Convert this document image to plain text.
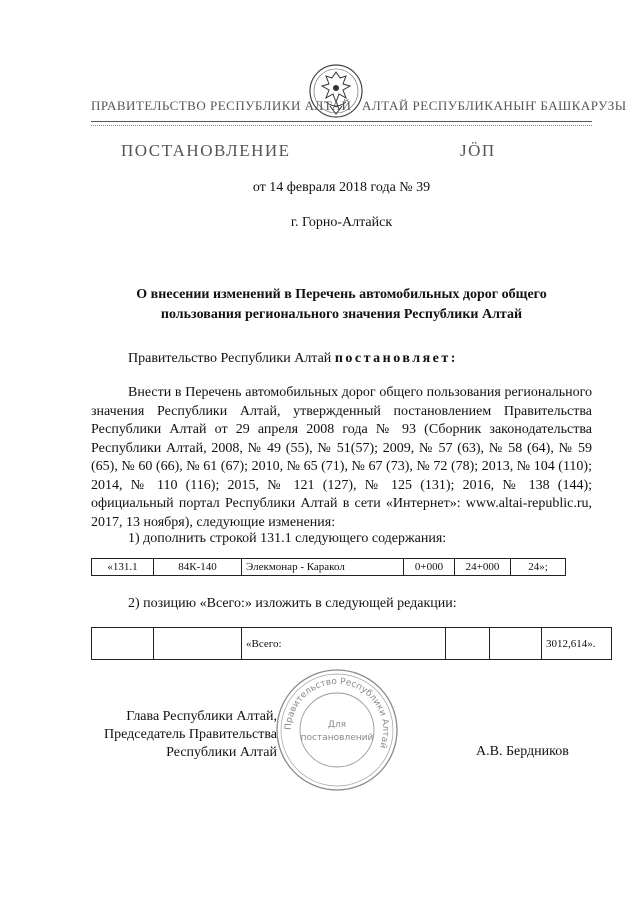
ПРАВИТЕЛЬСТВО РЕСПУБЛИКИ АЛТАЙ АЛТАЙ РЕСПУБЛИКАНЫҤ БАШКАРУЗЫ
ПОСТАНОВЛЕНИЕ	ЈӦП
от 14 февраля 2018 года № 39
г. Горно-Алтайск
О внесении изменений в Перечень автомобильных дорог общего
пользования регионального значения Республики Алтай
Правительство Республики Алтай постановляет:

Внести в Перечень автомобильных дорог общего пользования регионального значения Республики Алтай, утвержденный постановлением Правительства Республики Алтай от 29 апреля 2008 года № 93 (Сборник законодательства Республики Алтай, 2008, № 49 (55), № 51(57); 2009, № 57 (63), № 58 (64), № 59 (65), № 60 (66), № 61 (67); 2010, № 65 (71), № 67 (73), № 72 (78); 2013, № 104 (110); 2014, № 110 (116); 2015, № 121 (127), № 125 (131); 2016, № 138 (144); официальный портал Республики Алтай в сети «Интернет»: www.altai-republic.ru, 2017, 13 ноября), следующие изменения:

1) дополнить строкой 131.1 следующего содержания:
«131.1	84К-140	Элекмонар - Каракол	0+000	24+000	24»;
2) позицию «Всего:» изложить в следующей редакции:
		«Всего:			3012,614».
Глава Республики Алтай,
Председатель Правительства
Республики Алтай	А.В. Бердников
Правительство Республики Алтай
Для
постановлений
